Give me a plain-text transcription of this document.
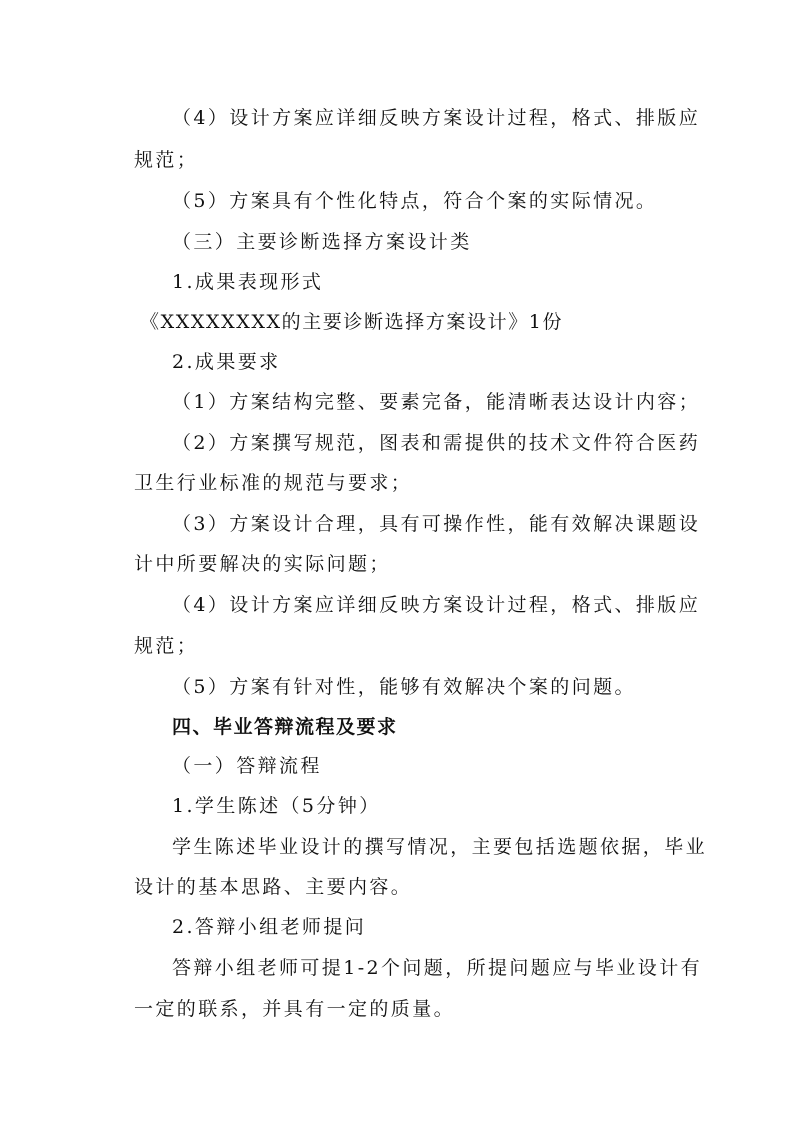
（4）设计方案应详细反映方案设计过程，格式、排版应
规范；
（5）方案具有个性化特点，符合个案的实际情况。
（三）主要诊断选择方案设计类
1.成果表现形式
《XXXXXXXX的主要诊断选择方案设计》1份
2.成果要求
（1）方案结构完整、要素完备，能清晰表达设计内容；
（2）方案撰写规范，图表和需提供的技术文件符合医药
卫生行业标准的规范与要求；
（3）方案设计合理，具有可操作性，能有效解决课题设
计中所要解决的实际问题；
（4）设计方案应详细反映方案设计过程，格式、排版应
规范；
（5）方案有针对性，能够有效解决个案的问题。
四、毕业答辩流程及要求
（一）答辩流程
1.学生陈述（5分钟）
学生陈述毕业设计的撰写情况，主要包括选题依据，毕业
设计的基本思路、主要内容。
2.答辩小组老师提问
答辩小组老师可提1-2个问题，所提问题应与毕业设计有
一定的联系，并具有一定的质量。
